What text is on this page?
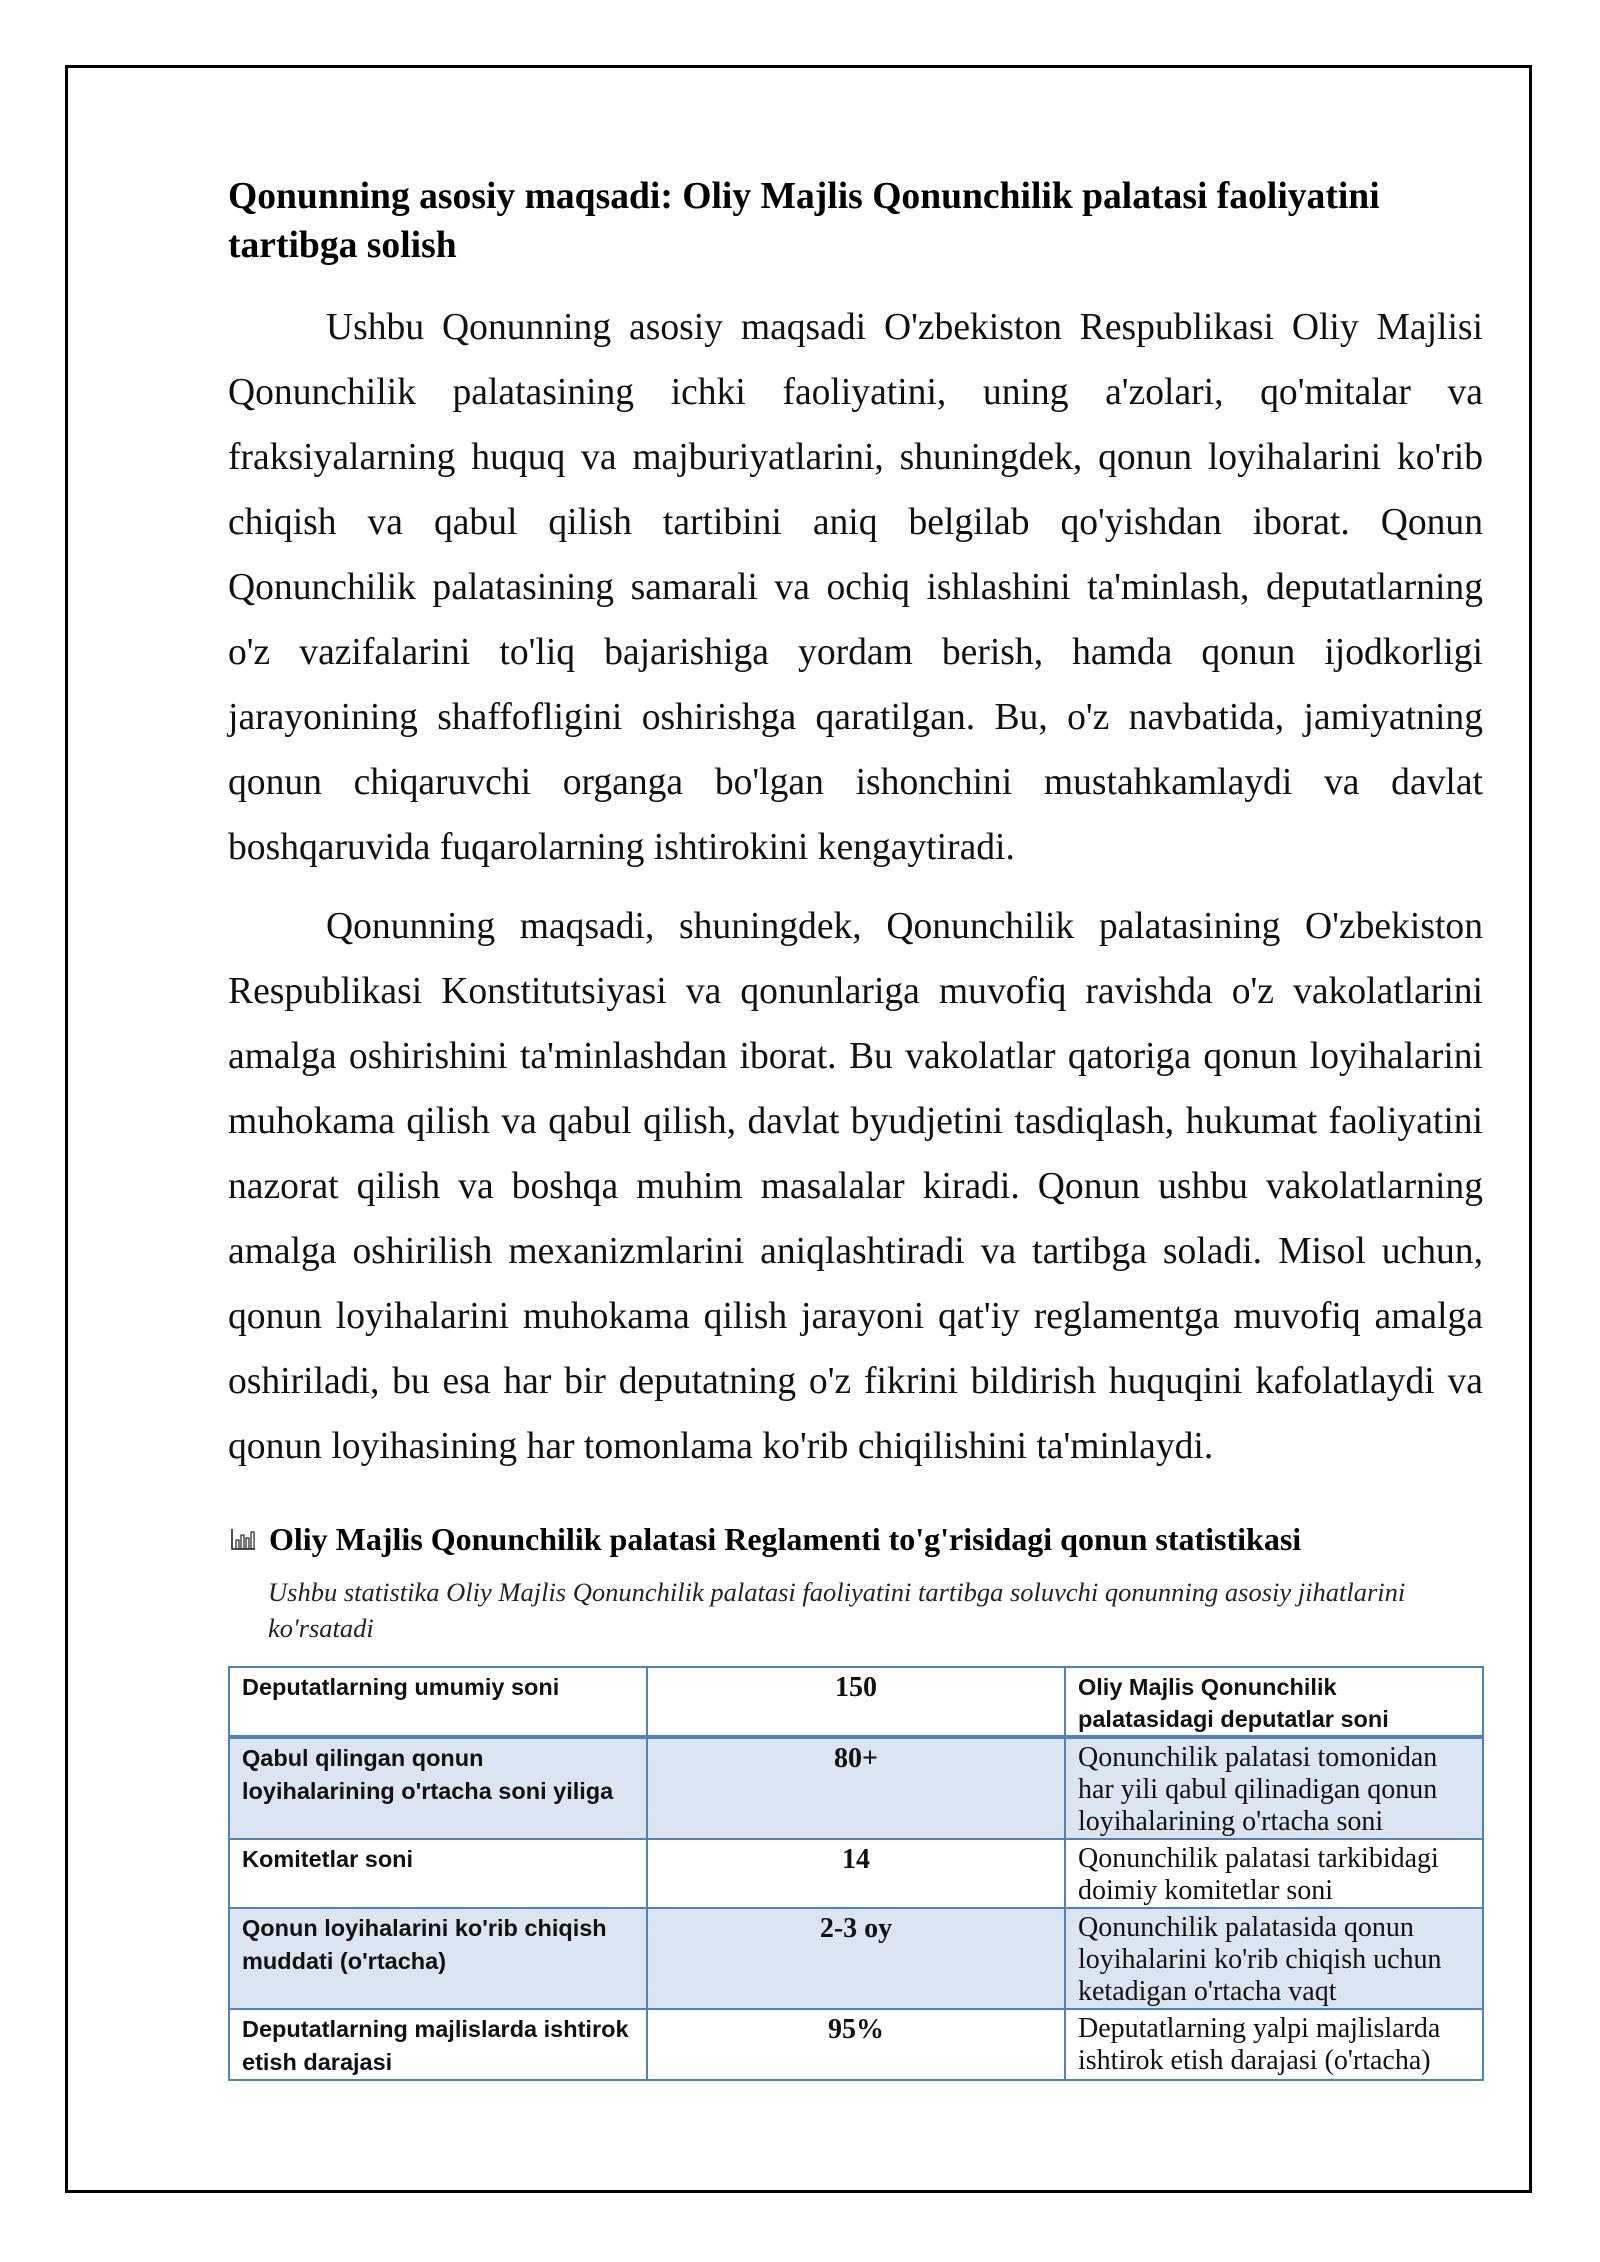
Qonunning asosiy maqsadi: Oliy Majlis Qonunchilik palatasi faoliyatini tartibga solish

Ushbu Qonunning asosiy maqsadi O'zbekiston Respublikasi Oliy Majlisi Qonunchilik palatasining ichki faoliyatini, uning a'zolari, qo'mitalar va fraksiyalarning huquq va majburiyatlarini, shuningdek, qonun loyihalarini ko'rib chiqish va qabul qilish tartibini aniq belgilab qo'yishdan iborat. Qonun Qonunchilik palatasining samarali va ochiq ishlashini ta'minlash, deputatlarning o'z vazifalarini to'liq bajarishiga yordam berish, hamda qonun ijodkorligi jarayonining shaffofligini oshirishga qaratilgan. Bu, o'z navbatida, jamiyatning qonun chiqaruvchi organga bo'lgan ishonchini mustahkamlaydi va davlat boshqaruvida fuqarolarning ishtirokini kengaytiradi.

Qonunning maqsadi, shuningdek, Qonunchilik palatasining O'zbekiston Respublikasi Konstitutsiyasi va qonunlariga muvofiq ravishda o'z vakolatlarini amalga oshirishini ta'minlashdan iborat. Bu vakolatlar qatoriga qonun loyihalarini muhokama qilish va qabul qilish, davlat byudjetini tasdiqlash, hukumat faoliyatini nazorat qilish va boshqa muhim masalalar kiradi. Qonun ushbu vakolatlarning amalga oshirilish mexanizmlarini aniqlashtiradi va tartibga soladi. Misol uchun, qonun loyihalarini muhokama qilish jarayoni qat'iy reglamentga muvofiq amalga oshiriladi, bu esa har bir deputatning o'z fikrini bildirish huquqini kafolatlaydi va qonun loyihasining har tomonlama ko'rib chiqilishini ta'minlaydi.

Oliy Majlis Qonunchilik palatasi Reglamenti to'g'risidagi qonun statistikasi
Ushbu statistika Oliy Majlis Qonunchilik palatasi faoliyatini tartibga soluvchi qonunning asosiy jihatlarini ko'rsatadi
Deputatlarning umumiy soni	150	Oliy Majlis Qonunchilik palatasidagi deputatlar soni
Qabul qilingan qonun loyihalarining o'rtacha soni yiliga	80+	Qonunchilik palatasi tomonidan har yili qabul qilinadigan qonun loyihalarining o'rtacha soni
Komitetlar soni	14	Qonunchilik palatasi tarkibidagi doimiy komitetlar soni
Qonun loyihalarini ko'rib chiqish muddati (o'rtacha)	2-3 oy	Qonunchilik palatasida qonun loyihalarini ko'rib chiqish uchun ketadigan o'rtacha vaqt
Deputatlarning majlislarda ishtirok etish darajasi	95%	Deputatlarning yalpi majlislarda ishtirok etish darajasi (o'rtacha)
